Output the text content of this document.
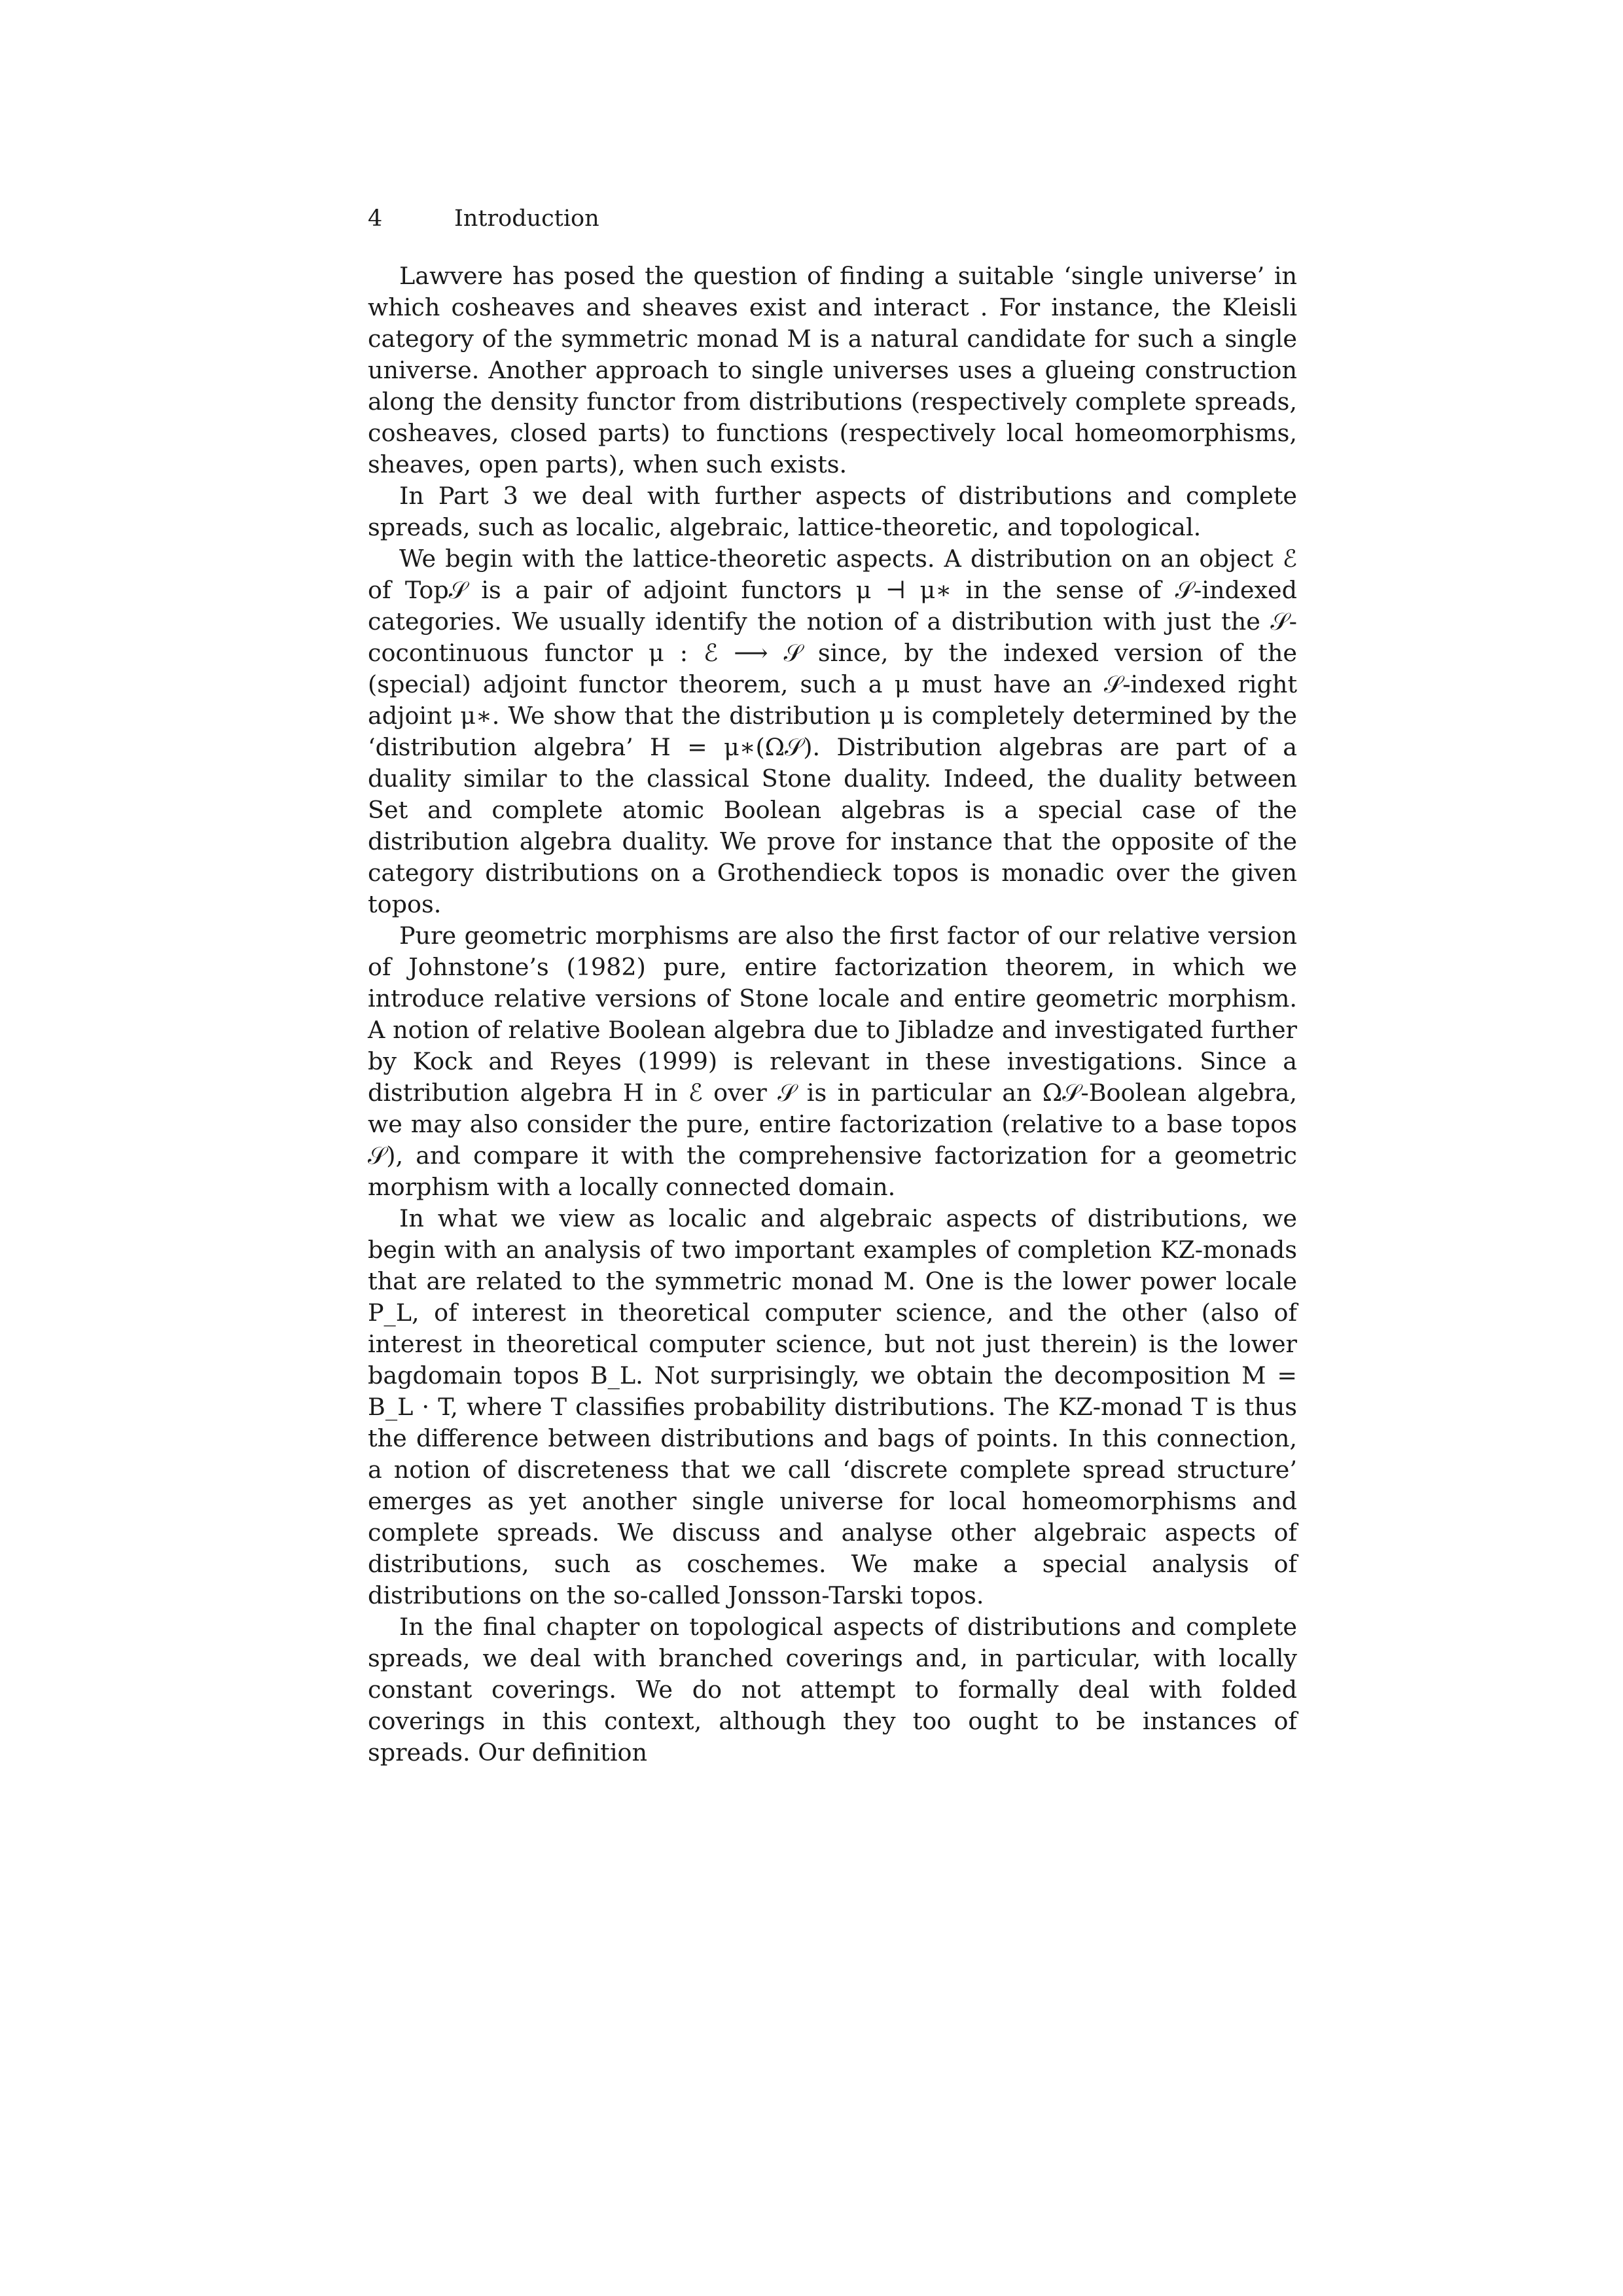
4	Introduction

Lawvere has posed the question of finding a suitable ‘single universe’ in which cosheaves and sheaves exist and interact . For instance, the Kleisli category of the symmetric monad M is a natural candidate for such a single universe. Another approach to single universes uses a glueing construction along the density functor from distributions (respectively complete spreads, cosheaves, closed parts) to functions (respectively local homeomorphisms, sheaves, open parts), when such exists.

In Part 3 we deal with further aspects of distributions and complete spreads, such as localic, algebraic, lattice-theoretic, and topological.

We begin with the lattice-theoretic aspects. A distribution on an object ℰ of Top𝒮 is a pair of adjoint functors μ ⊣ μ∗ in the sense of 𝒮-indexed categories. We usually identify the notion of a distribution with just the 𝒮-cocontinuous functor μ : ℰ ⟶ 𝒮 since, by the indexed version of the (special) adjoint functor theorem, such a μ must have an 𝒮-indexed right adjoint μ∗. We show that the distribution μ is completely determined by the ‘distribution algebra’ H = μ∗(Ω𝒮). Distribution algebras are part of a duality similar to the classical Stone duality. Indeed, the duality between Set and complete atomic Boolean algebras is a special case of the distribution algebra duality. We prove for instance that the opposite of the category distributions on a Grothendieck topos is monadic over the given topos.

Pure geometric morphisms are also the first factor of our relative version of Johnstone’s (1982) pure, entire factorization theorem, in which we introduce relative versions of Stone locale and entire geometric morphism. A notion of relative Boolean algebra due to Jibladze and investigated further by Kock and Reyes (1999) is relevant in these investigations. Since a distribution algebra H in ℰ over 𝒮 is in particular an Ω𝒮-Boolean algebra, we may also consider the pure, entire factorization (relative to a base topos 𝒮), and compare it with the comprehensive factorization for a geometric morphism with a locally connected domain.

In what we view as localic and algebraic aspects of distributions, we begin with an analysis of two important examples of completion KZ-monads that are related to the symmetric monad M. One is the lower power locale P_L, of interest in theoretical computer science, and the other (also of interest in theoretical computer science, but not just therein) is the lower bagdomain topos B_L. Not surprisingly, we obtain the decomposition M = B_L · T, where T classifies probability distributions. The KZ-monad T is thus the difference between distributions and bags of points. In this connection, a notion of discreteness that we call ‘discrete complete spread structure’ emerges as yet another single universe for local homeomorphisms and complete spreads. We discuss and analyse other algebraic aspects of distributions, such as coschemes. We make a special analysis of distributions on the so-called Jonsson-Tarski topos.

In the final chapter on topological aspects of distributions and complete spreads, we deal with branched coverings and, in particular, with locally constant coverings. We do not attempt to formally deal with folded coverings in this context, although they too ought to be instances of spreads. Our definition
